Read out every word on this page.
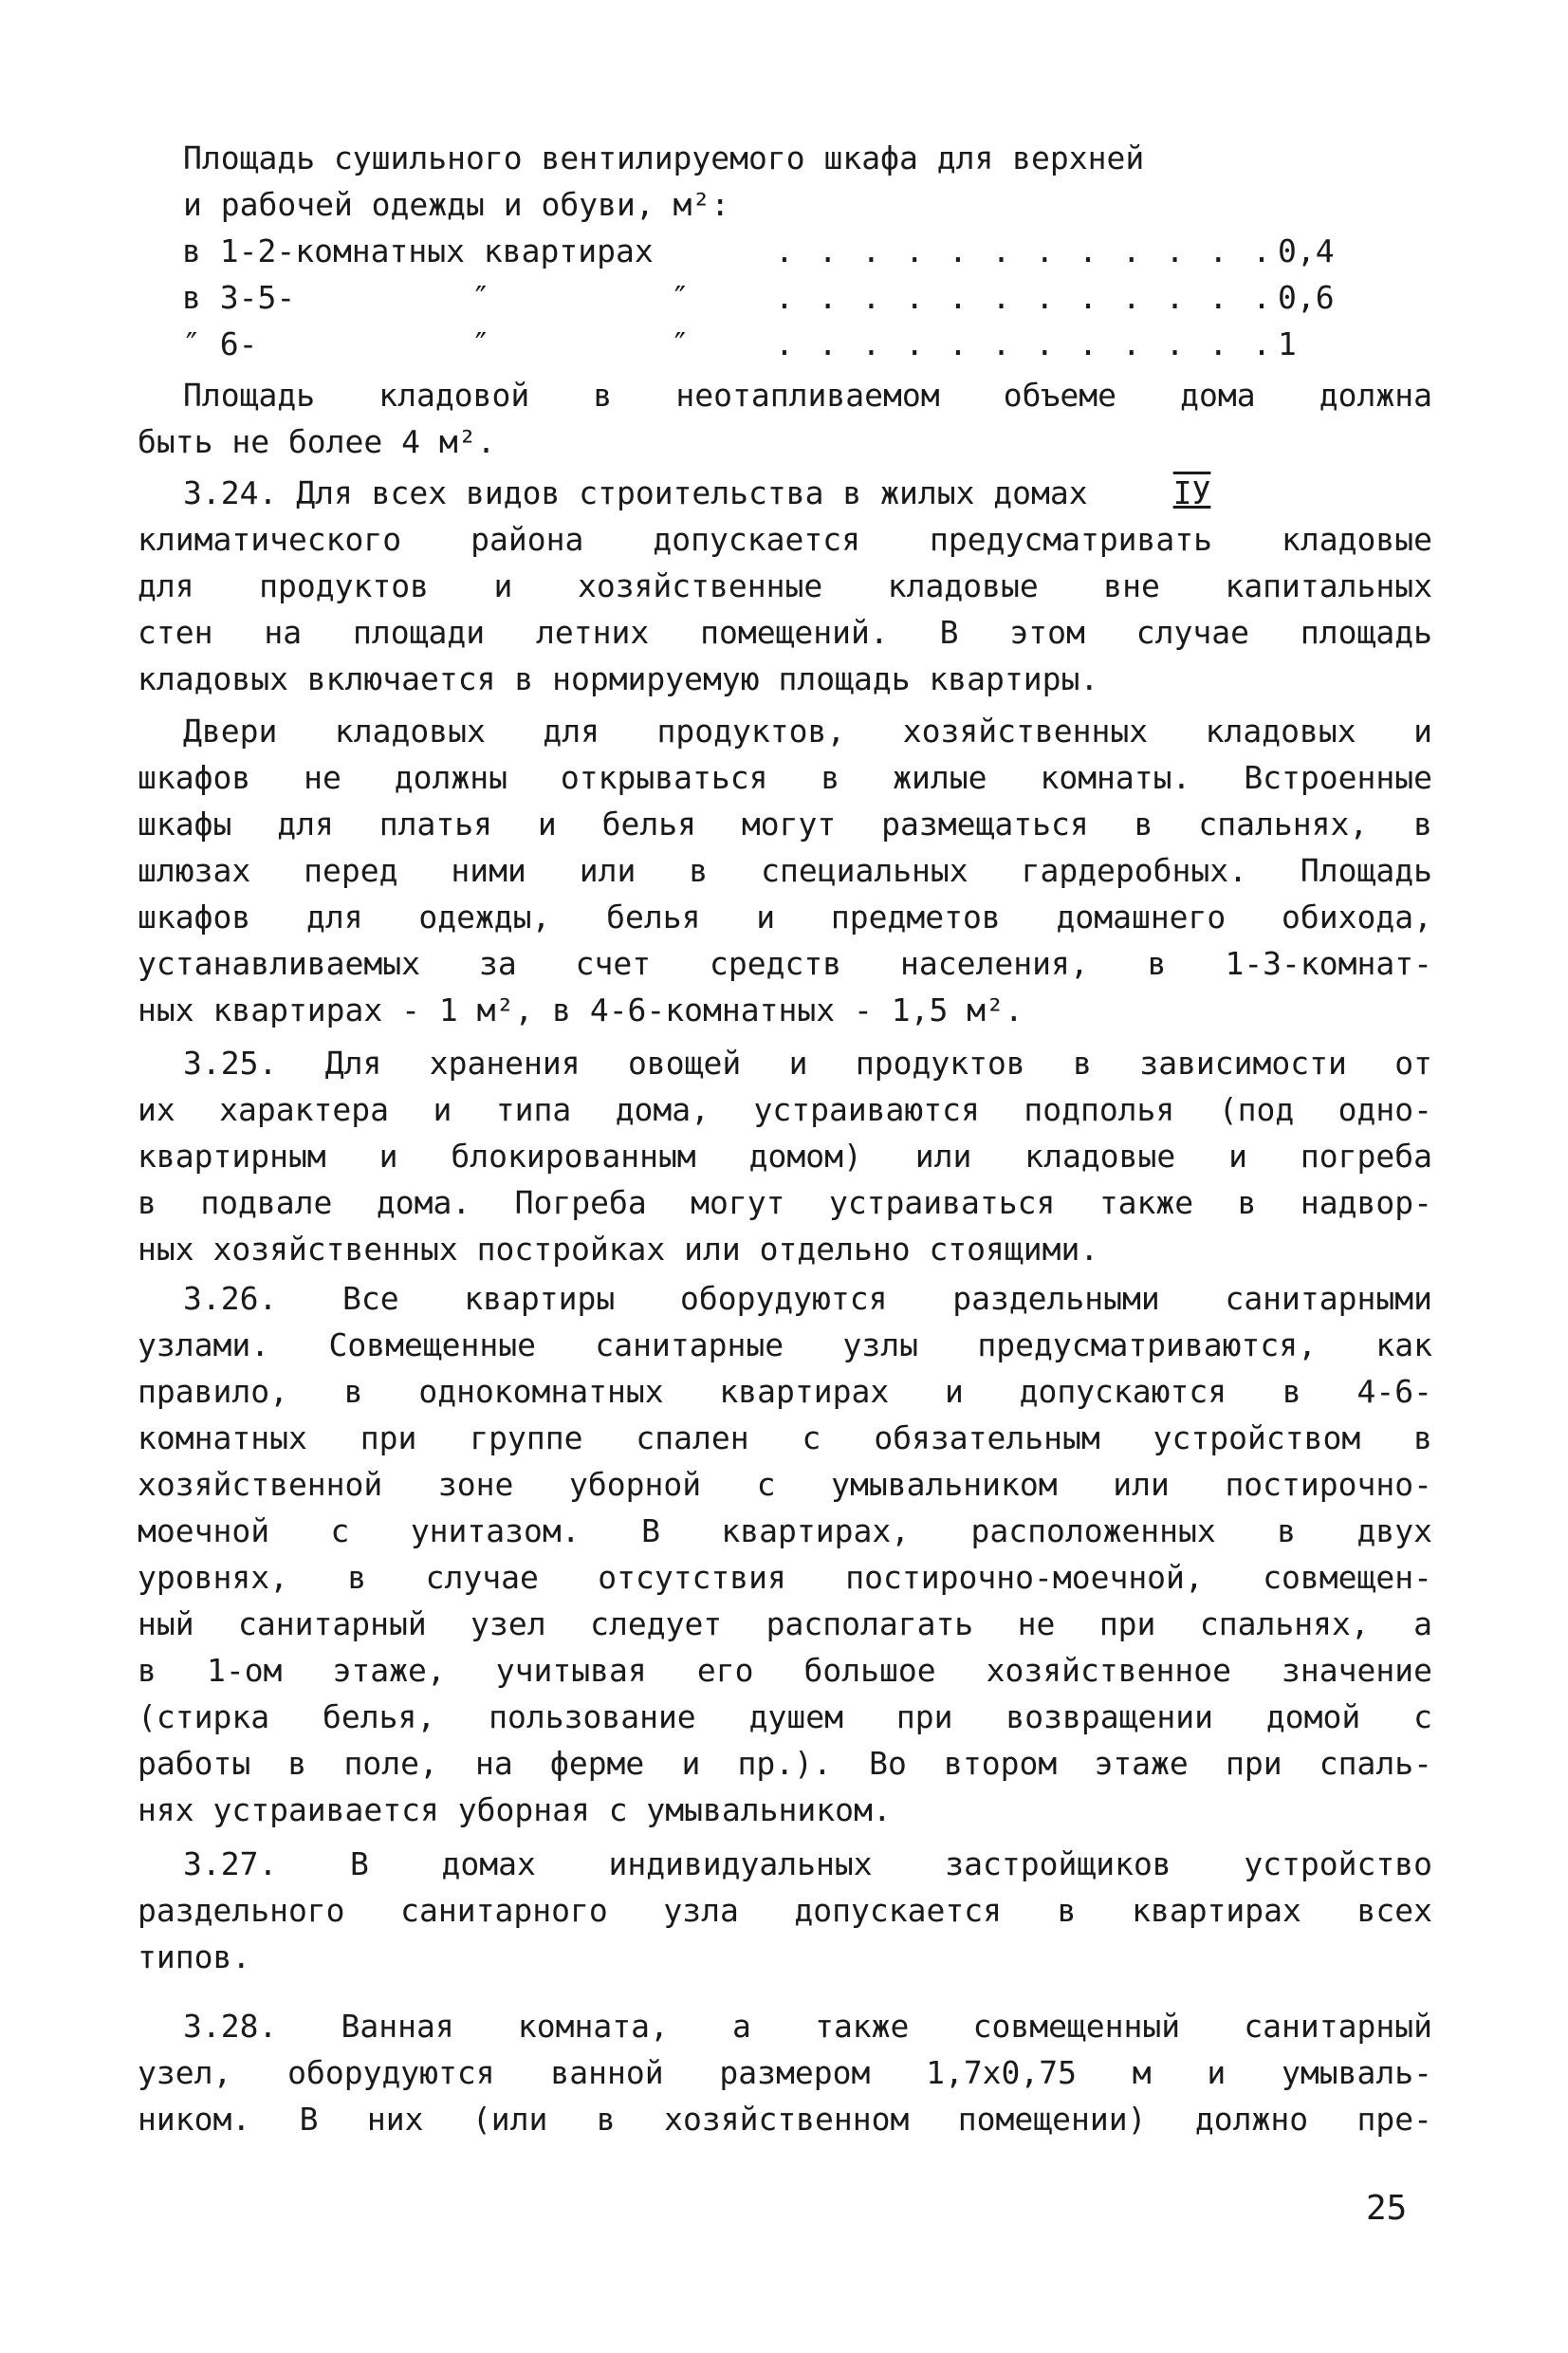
Площадь сушильного вентилируемого шкафа для верхней
и рабочей одежды и обуви, м²:
в 1-2-комнатных квартирах	. . . . . . . . . . . . 0,4
в 3-5-	″	″	. . . . . . . . . . . . 0,6
″ 6-	″	″	. . . . . . . . . . . . 1
Площадь кладовой в неотапливаемом объеме дома должна
быть не более 4 м².
3.24. Для всех видов строительства в жилых домах	IУ
климатического района допускается предусматривать кладовые
для продуктов и хозяйственные кладовые вне капитальных
стен на площади летних помещений. В этом случае площадь
кладовых включается в нормируемую площадь квартиры.
Двери кладовых для продуктов, хозяйственных кладовых и
шкафов не должны открываться в жилые комнаты. Встроенные
шкафы для платья и белья могут размещаться в спальнях, в
шлюзах перед ними или в специальных гардеробных. Площадь
шкафов для одежды, белья и предметов домашнего обихода,
устанавливаемых за счет средств населения, в 1-3-комнат-
ных квартирах - 1 м², в 4-6-комнатных - 1,5 м².
3.25. Для хранения овощей и продуктов в зависимости от
их характера и типа дома, устраиваются подполья (под одно-
квартирным и блокированным домом) или кладовые и погреба
в подвале дома. Погреба могут устраиваться также в надвор-
ных хозяйственных постройках или отдельно стоящими.
3.26. Все квартиры оборудуются раздельными санитарными
узлами. Совмещенные санитарные узлы предусматриваются, как
правило, в однокомнатных квартирах и допускаются в 4-6-
комнатных при группе спален с обязательным устройством в
хозяйственной зоне уборной с умывальником или постирочно-
моечной с унитазом. В квартирах, расположенных в двух
уровнях, в случае отсутствия постирочно-моечной, совмещен-
ный санитарный узел следует располагать не при спальнях, а
в 1-ом этаже, учитывая его большое хозяйственное значение
(стирка белья, пользование душем при возвращении домой с
работы в поле, на ферме и пр.). Во втором этаже при спаль-
нях устраивается уборная с умывальником.
3.27. В домах индивидуальных застройщиков устройство
раздельного санитарного узла допускается в квартирах всех
типов.
3.28. Ванная комната, а также совмещенный санитарный
узел, оборудуются ванной размером 1,7х0,75 м и умываль-
ником. В них (или в хозяйственном помещении) должно пре-
25
